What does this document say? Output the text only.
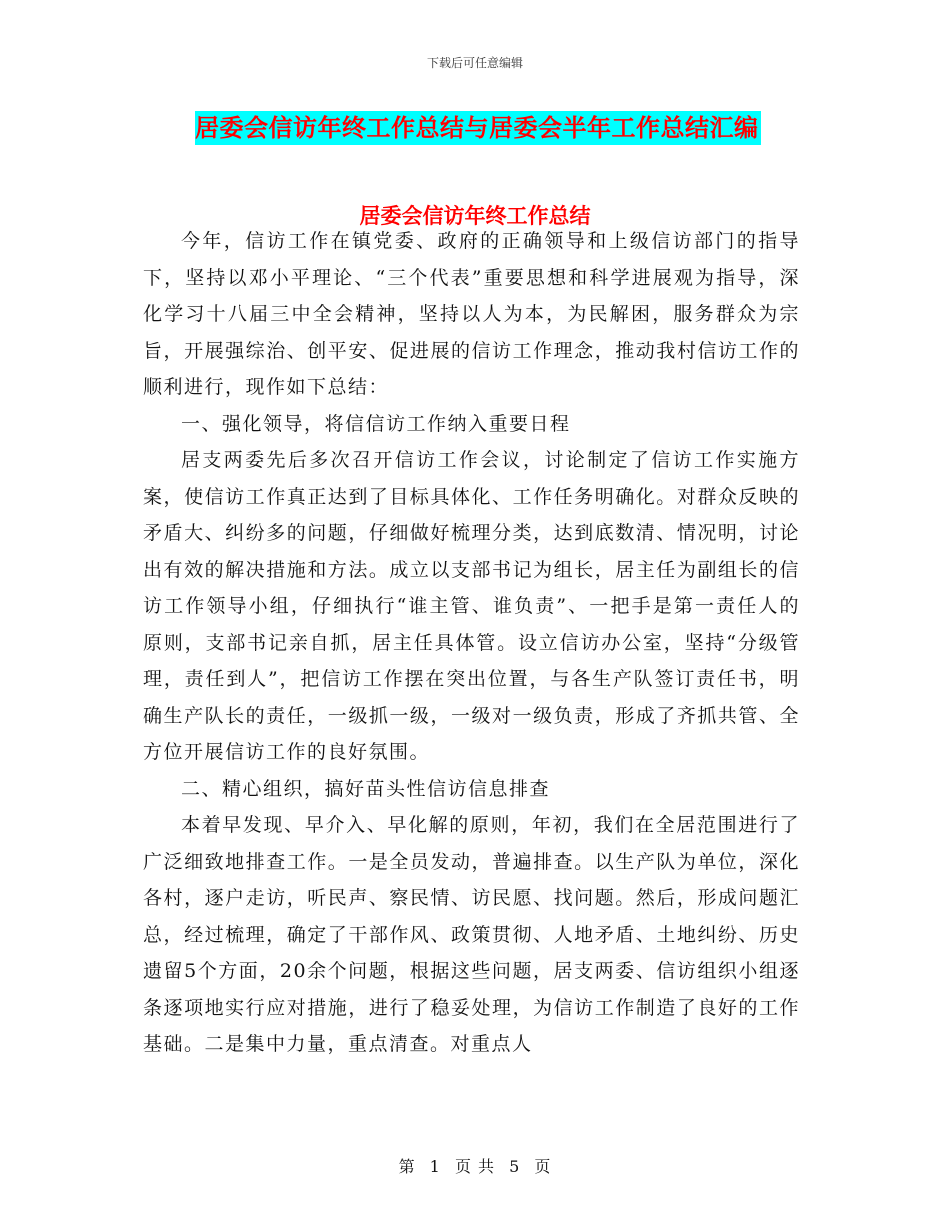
下载后可任意编辑
居委会信访年终工作总结与居委会半年工作总结汇编
居委会信访年终工作总结

今年，信访工作在镇党委、政府的正确领导和上级信访部门的指导下，坚持以邓小平理论、“三个代表”重要思想和科学进展观为指导，深化学习十八届三中全会精神，坚持以人为本，为民解困，服务群众为宗旨，开展强综治、创平安、促进展的信访工作理念，推动我村信访工作的顺利进行，现作如下总结：

一、强化领导，将信信访工作纳入重要日程

居支两委先后多次召开信访工作会议，讨论制定了信访工作实施方案，使信访工作真正达到了目标具体化、工作任务明确化。对群众反映的矛盾大、纠纷多的问题，仔细做好梳理分类，达到底数清、情况明，讨论出有效的解决措施和方法。成立以支部书记为组长，居主任为副组长的信访工作领导小组，仔细执行“谁主管、谁负责”、一把手是第一责任人的原则，支部书记亲自抓，居主任具体管。设立信访办公室，坚持“分级管理，责任到人”，把信访工作摆在突出位置，与各生产队签订责任书，明确生产队长的责任，一级抓一级，一级对一级负责，形成了齐抓共管、全方位开展信访工作的良好氛围。

二、精心组织，搞好苗头性信访信息排查

本着早发现、早介入、早化解的原则，年初，我们在全居范围进行了广泛细致地排查工作。一是全员发动，普遍排查。以生产队为单位，深化各村，逐户走访，听民声、察民情、访民愿、找问题。然后，形成问题汇总，经过梳理，确定了干部作风、政策贯彻、人地矛盾、土地纠纷、历史遗留5个方面，20余个问题，根据这些问题，居支两委、信访组织小组逐条逐项地实行应对措施，进行了稳妥处理，为信访工作制造了良好的工作基础。二是集中力量，重点清查。对重点人

第 1 页 共 5 页
